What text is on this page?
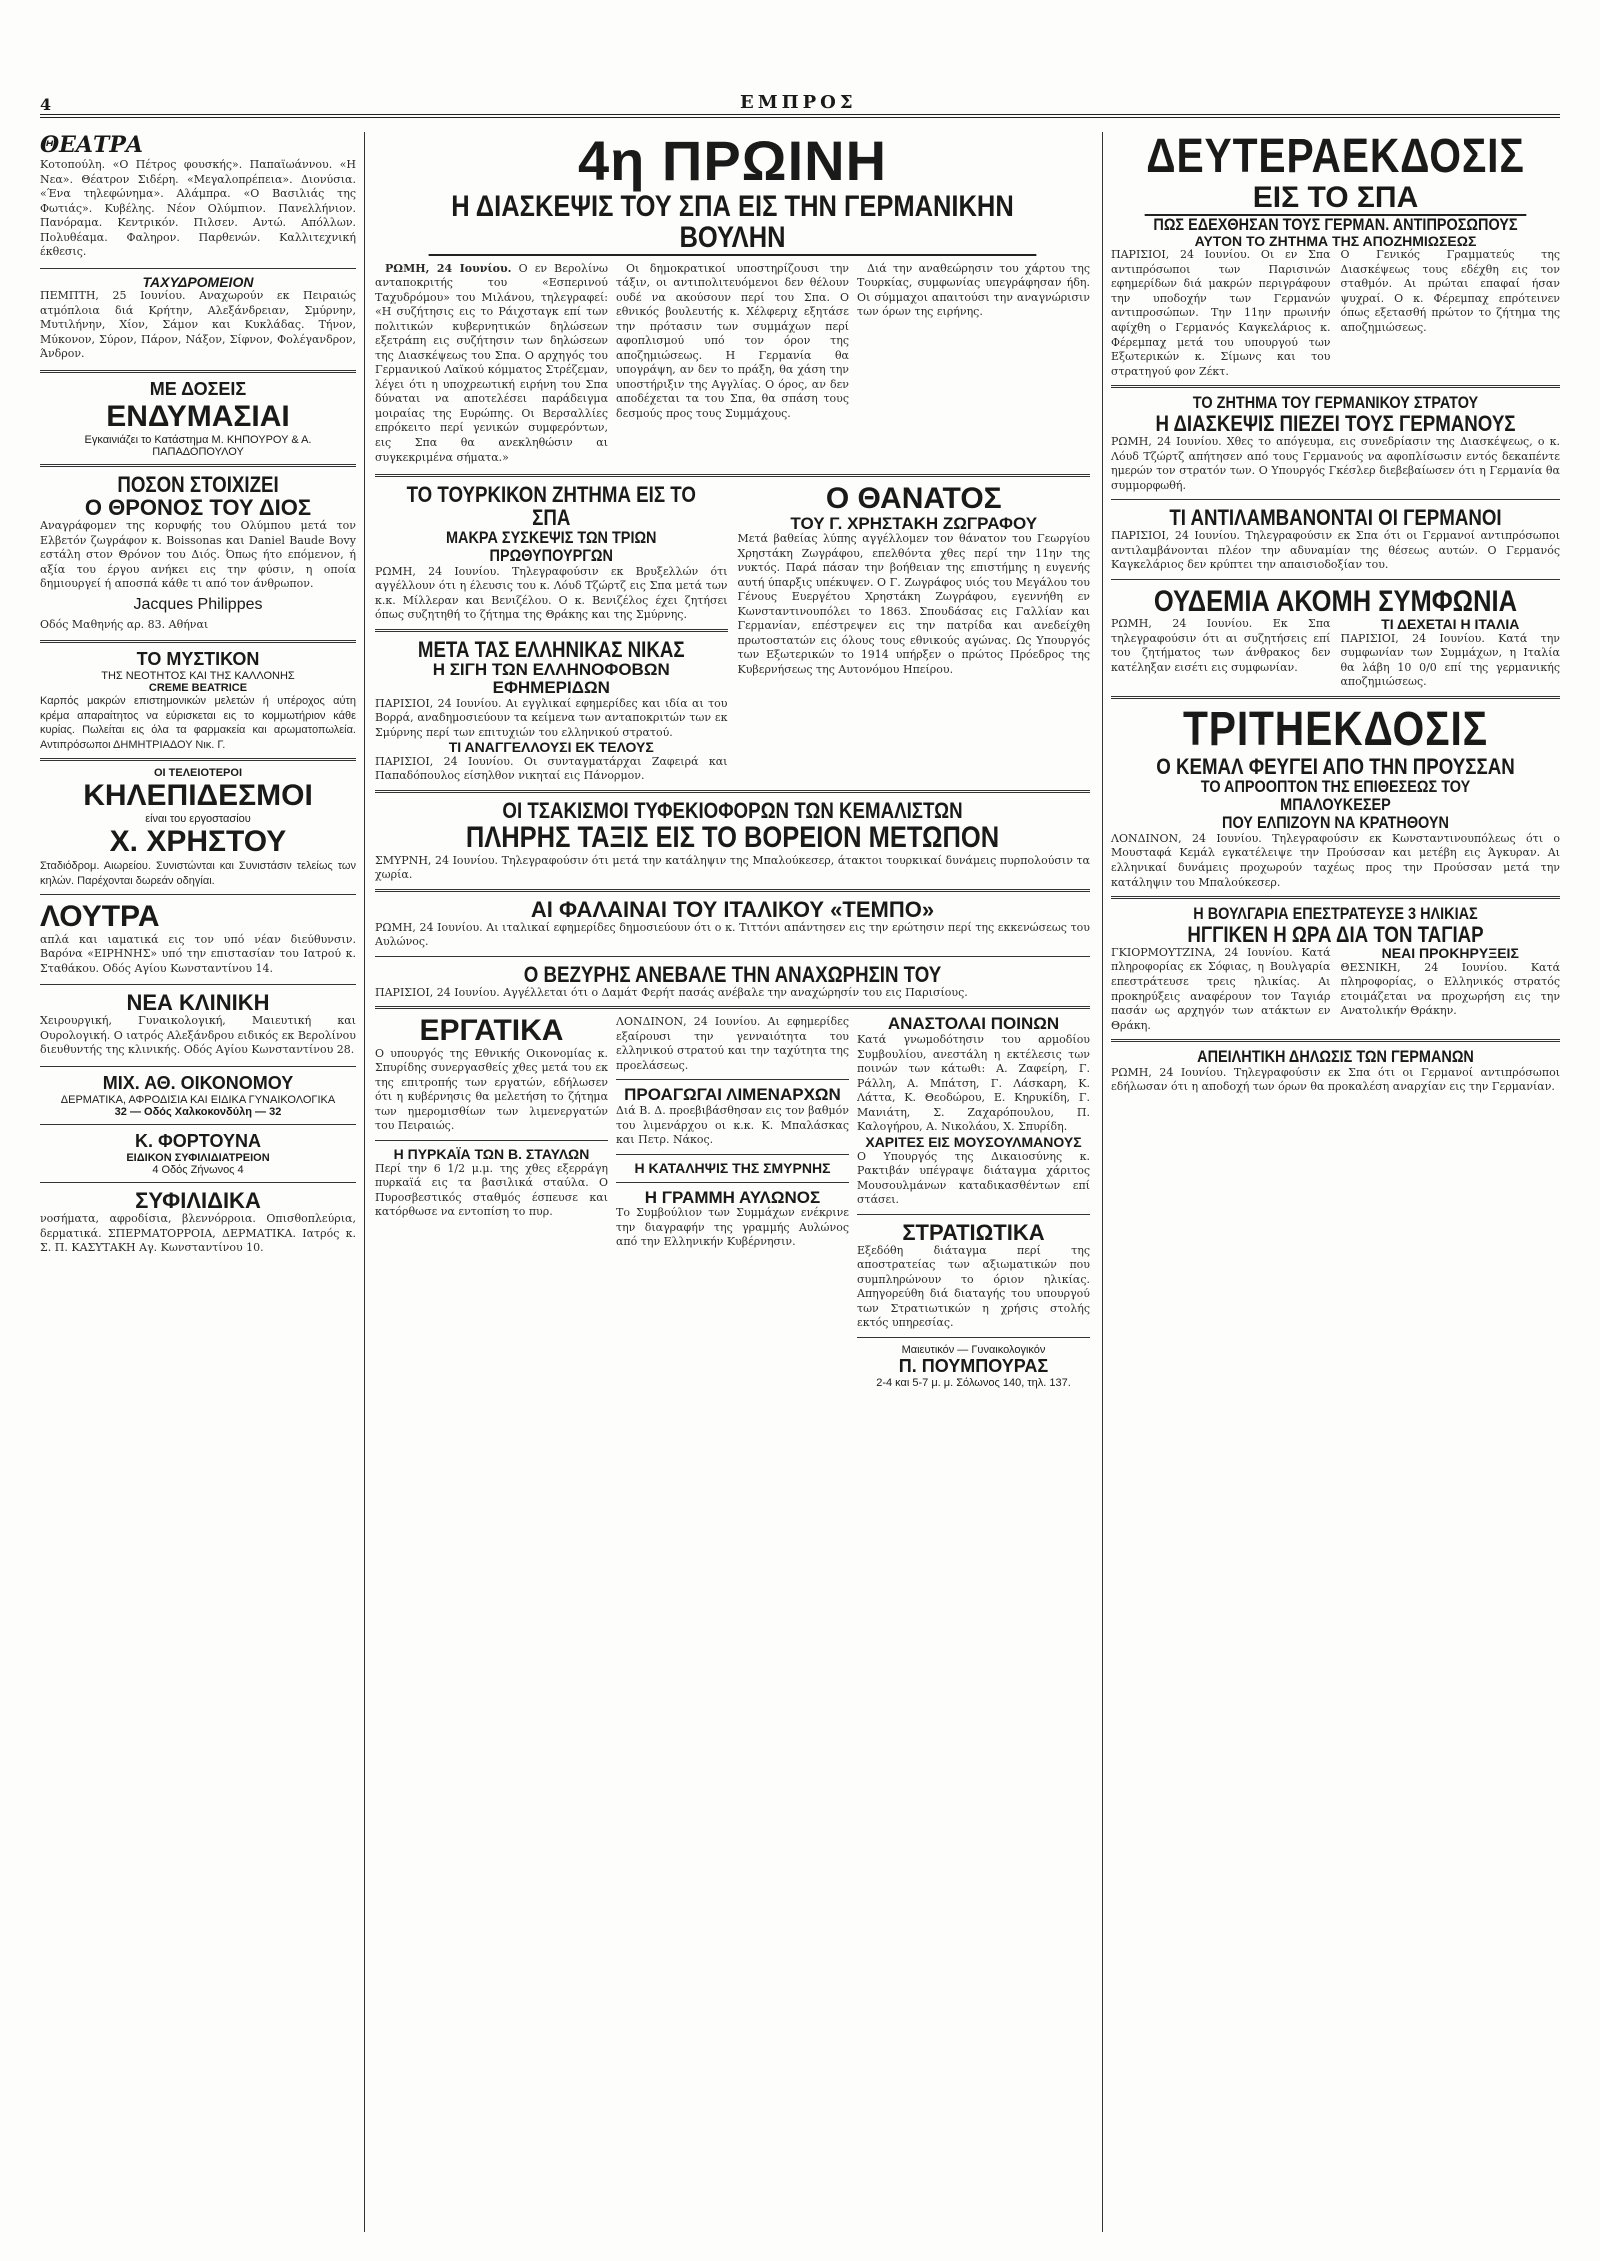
4	ΕΜΠΡΟΣ
ΘΕΑΤΡΑ
Κοτοπούλη. «Ο Πέτρος φουσκής». Παπαϊωάννου. «Η Νεα». Θέατρον Σιδέρη. «Μεγαλοπρέπεια». Διονύσια. «Ένα τηλεφώνημα». Αλάμπρα. «Ο Βασιλιάς της Φωτιάς». Κυβέλης. Νέον Ολύμπιον. Πανελλήνιον. Πανόραμα. Κεντρικόν. Πιλσεν. Αντώ. Απόλλων. Πολυθέαμα. Φαληρον. Παρθενών. Καλλιτεχνική έκθεσις.
ΤΑΧΥΔΡΟΜΕΙΟΝ
ΠΕΜΠΤΗ, 25 Ιουνίου. Αναχωρούν εκ Πειραιώς ατμόπλοια διά Κρήτην, Αλεξάνδρειαν, Σμύρνην, Μυτιλήνην, Χίον, Σάμον και Κυκλάδας. Τήνον, Μύκονον, Σύρον, Πάρον, Νάξον, Σίφνον, Φολέγανδρον, Άνδρον.
ΜΕ ΔΟΣΕΙΣ
ΕΝΔΥΜΑΣΙΑΙ
Εγκαινιάζει το Κατάστημα Μ. ΚΗΠΟΥΡΟΥ & Α. ΠΑΠΑΔΟΠΟΥΛΟΥ
ΠΟΣΟΝ ΣΤΟΙΧΙΖΕΙ
Ο ΘΡΟΝΟΣ ΤΟΥ ΔΙΟΣ
Αναγράφομεν της κορυφής του Ολύμπου μετά τον Ελβετόν ζωγράφον κ. Boissonas και Daniel Baude Bovy εστάλη στον Θρόνον του Διός. Όπως ήτο επόμενον, ή αξία του έργου ανήκει εις την φύσιν, η οποία δημιουργεί ή αποσπά κάθε τι από τον άνθρωπον.
Jacques Philippes
Οδός Μαθηνής αρ. 83. Αθήναι
ΤΟ ΜΥΣΤΙΚΟΝ
ΤΗΣ ΝΕΟΤΗΤΟΣ ΚΑΙ ΤΗΣ ΚΑΛΛΟΝΗΣ
CREME BEATRICE
Καρπός μακρών επιστημονικών μελετών ή υπέροχος αύτη κρέμα απαραίτητος να εύρισκεται εις το κομμωτήριον κάθε κυρίας. Πωλείται εις όλα τα φαρμακεία και αρωματοπωλεία. Αντιπρόσωποι ΔΗΜΗΤΡΙΑΔΟΥ Νικ. Γ.
ΟΙ ΤΕΛΕΙΟΤΕΡΟΙ
ΚΗΛΕΠΙΔΕΣΜΟΙ
είναι του εργοστασίου
Χ. ΧΡΗΣΤΟΥ
Σταδιόδρομ. Αιωρείου. Συνιστώνται και Συνιστάσιν τελείως των κηλών. Παρέχονται δωρεάν οδηγίαι.
ΛΟΥΤΡΑ
απλά και ιαματικά εις τον υπό νέαν διεύθυνσιν. Βαρόνα «ΕΙΡΗΝΗΣ» υπό την επιστασίαν του Ιατρού κ. Σταθάκου. Οδός Αγίου Κωνσταντίνου 14.
ΝΕΑ ΚΛΙΝΙΚΗ
Χειρουργική, Γυναικολογική, Μαιευτική και Ουρολογική. Ο ιατρός Αλεξάνδρου ειδικός εκ Βερολίνου διευθυντής της κλινικής. Οδός Αγίου Κωνσταντίνου 28.
ΜΙΧ. ΑΘ. ΟΙΚΟΝΟΜΟΥ
ΔΕΡΜΑΤΙΚΑ, ΑΦΡΟΔΙΣΙΑ ΚΑΙ ΕΙΔΙΚΑ ΓΥΝΑΙΚΟΛΟΓΙΚΑ
32 — Οδός Χαλκοκονδύλη — 32
Κ. ΦΟΡΤΟΥΝΑ
ΕΙΔΙΚΟΝ ΣΥΦΙΛΙΔΙΑΤΡΕΙΟΝ
4 Οδός Ζήνωνος 4
ΣΥΦΙΛΙΔΙΚΑ
νοσήματα, αφροδίσια, βλεννόρροια. Οπισθοπλεύρια, δερματικά. ΣΠΕΡΜΑΤΟΡΡΟΙΑ, ΔΕΡΜΑΤΙΚΑ. Ιατρός κ. Σ. Π. ΚΑΣΥΤΑΚΗ Αγ. Κωνσταντίνου 10.
4η ΠΡΩΙΝΗ
Η ΔΙΑΣΚΕΨΙΣ ΤΟΥ ΣΠΑ ΕΙΣ ΤΗΝ ΓΕΡΜΑΝΙΚΗΝ ΒΟΥΛΗΝ

ΡΩΜΗ, 24 Ιουνίου. Ο εν Βερολίνω ανταποκριτής του «Εσπερινού Ταχυδρόμου» του Μιλάνου, τηλεγραφεί: «Η συζήτησις εις το Ράιχσταγκ επί των πολιτικών κυβερνητικών δηλώσεων εξετράπη εις συζήτησιν των δηλώσεων της Διασκέψεως του Σπα. Ο αρχηγός του Γερμανικού Λαϊκού κόμματος Στρέζεμαν, λέγει ότι η υποχρεωτική ειρήνη του Σπα δύναται να αποτελέσει παράδειγμα μοιραίας της Ευρώπης. Οι Βερσαλλίες επρόκειτο περί γενικών συμφερόντων, εις Σπα θα ανεκληθώσιν αι συγκεκριμένα σήματα.»

Οι δημοκρατικοί υποστηρίζουσι την τάξιν, οι αντιπολιτευόμενοι δεν θέλουν ουδέ να ακούσουν περί του Σπα. Ο εθνικός βουλευτής κ. Χέλφεριχ εξητάσε την πρότασιν των συμμάχων περί αφοπλισμού υπό τον όρον της αποζημιώσεως. Η Γερμανία θα υπογράψη, αν δεν το πράξη, θα χάση την υποστήριξιν της Αγγλίας. Ο όρος, αν δεν αποδέχεται τα του Σπα, θα σπάση τους δεσμούς προς τους Συμμάχους.

Διά την αναθεώρησιν του χάρτου της Τουρκίας, συμφωνίας υπεγράφησαν ήδη. Οι σύμμαχοι απαιτούσι την αναγνώρισιν των όρων της ειρήνης.

ΤΟ ΤΟΥΡΚΙΚΟΝ ΖΗΤΗΜΑ ΕΙΣ ΤΟ ΣΠΑ
ΜΑΚΡΑ ΣΥΣΚΕΨΙΣ ΤΩΝ ΤΡΙΩΝ ΠΡΩΘΥΠΟΥΡΓΩΝ
ΡΩΜΗ, 24 Ιουνίου. Τηλεγραφούσιν εκ Βρυξελλών ότι αγγέλλουν ότι η έλευσις του κ. Λόυδ Τζώρτζ εις Σπα μετά των κ.κ. Μίλλεραν και Βενιζέλου. Ο κ. Βενιζέλος έχει ζητήσει όπως συζητηθή το ζήτημα της Θράκης και της Σμύρνης.
ΜΕΤΑ ΤΑΣ ΕΛΛΗΝΙΚΑΣ ΝΙΚΑΣ
Η ΣΙΓΗ ΤΩΝ ΕΛΛΗΝΟΦΟΒΩΝ ΕΦΗΜΕΡΙΔΩΝ
ΠΑΡΙΣΙΟΙ, 24 Ιουνίου. Αι εγγλικαί εφημερίδες και ιδία αι του Βορρά, αναδημοσιεύουν τα κείμενα των ανταποκριτών των εκ Σμύρνης περί των επιτυχιών του ελληνικού στρατού.
ΤΙ ΑΝΑΓΓΕΛΛΟΥΣΙ ΕΚ ΤΕΛΟΥΣ
ΠΑΡΙΣΙΟΙ, 24 Ιουνίου. Οι συνταγματάρχαι Ζαφειρά και Παπαδόπουλος είσηλθον νικηταί εις Πάνορμον.
Ο ΘΑΝΑΤΟΣ
ΤΟΥ Γ. ΧΡΗΣΤΑΚΗ ΖΩΓΡΑΦΟΥ
Μετά βαθείας λύπης αγγέλλομεν τον θάνατον του Γεωργίου Χρηστάκη Ζωγράφου, επελθόντα χθες περί την 11ην της νυκτός. Παρά πάσαν την βοήθειαν της επιστήμης η ευγενής αυτή ύπαρξις υπέκυψεν. Ο Γ. Ζωγράφος υιός του Μεγάλου του Γένους Ευεργέτου Χρηστάκη Ζωγράφου, εγεννήθη εν Κωνσταντινουπόλει το 1863. Σπουδάσας εις Γαλλίαν και Γερμανίαν, επέστρεψεν εις την πατρίδα και ανεδείχθη πρωτοστατών εις όλους τους εθνικούς αγώνας. Ως Υπουργός των Εξωτερικών το 1914 υπήρξεν ο πρώτος Πρόεδρος της Κυβερνήσεως της Αυτονόμου Ηπείρου.
ΟΙ ΤΣΑΚΙΣΜΟΙ ΤΥΦΕΚΙΟΦΟΡΩΝ ΤΩΝ ΚΕΜΑΛΙΣΤΩΝ
ΠΛΗΡΗΣ ΤΑΞΙΣ ΕΙΣ ΤΟ ΒΟΡΕΙΟΝ ΜΕΤΩΠΟΝ
ΣΜΥΡΝΗ, 24 Ιουνίου. Τηλεγραφούσιν ότι μετά την κατάληψιν της Μπαλούκεσερ, άτακτοι τουρκικαί δυνάμεις πυρπολούσιν τα χωρία.
ΑΙ ΦΑΛΑΙΝΑΙ ΤΟΥ ΙΤΑΛΙΚΟΥ «ΤΕΜΠΟ»
ΡΩΜΗ, 24 Ιουνίου. Αι ιταλικαί εφημερίδες δημοσιεύουν ότι ο κ. Τιττόνι απάντησεν εις την ερώτησιν περί της εκκενώσεως του Αυλώνος.
Ο ΒΕΖΥΡΗΣ ΑΝΕΒΑΛΕ ΤΗΝ ΑΝΑΧΩΡΗΣΙΝ ΤΟΥ
ΠΑΡΙΣΙΟΙ, 24 Ιουνίου. Αγγέλλεται ότι ο Δαμάτ Φερήτ πασάς ανέβαλε την αναχώρησίν του εις Παρισίους.
ΕΡΓΑΤΙΚΑ
Ο υπουργός της Εθνικής Οικονομίας κ. Σπυρίδης συνεργασθείς χθες μετά του εκ της επιτροπής των εργατών, εδήλωσεν ότι η κυβέρνησις θα μελετήση το ζήτημα των ημερομισθίων των λιμενεργατών του Πειραιώς.
Η ΠΥΡΚΑΪΑ ΤΩΝ Β. ΣΤΑΥΛΩΝ
Περί την 6 1/2 μ.μ. της χθες εξερράγη πυρκαϊά εις τα βασιλικά σταύλα. Ο Πυροσβεστικός σταθμός έσπευσε και κατόρθωσε να εντοπίση το πυρ.
ΛΟΝΔΙΝΟΝ, 24 Ιουνίου. Αι εφημερίδες εξαίρουσι την γενναιότητα του ελληνικού στρατού και την ταχύτητα της προελάσεως.
ΠΡΟΑΓΩΓΑΙ ΛΙΜΕΝΑΡΧΩΝ
Διά Β. Δ. προεβιβάσθησαν εις τον βαθμόν του λιμενάρχου οι κ.κ. Κ. Μπαλάσκας και Πετρ. Νάκος.
Η ΚΑΤΑΛΗΨΙΣ ΤΗΣ ΣΜΥΡΝΗΣ
Η ΓΡΑΜΜΗ ΑΥΛΩΝΟΣ
Το Συμβούλιον των Συμμάχων ενέκρινε την διαγραφήν της γραμμής Αυλώνος από την Ελληνικήν Κυβέρνησιν.
ΑΝΑΣΤΟΛΑΙ ΠΟΙΝΩΝ
Κατά γνωμοδότησιν του αρμοδίου Συμβουλίου, ανεστάλη η εκτέλεσις των ποινών των κάτωθι: Α. Ζαφείρη, Γ. Ράλλη, Α. Μπάτση, Γ. Λάσκαρη, Κ. Λάττα, Κ. Θεοδώρου, Ε. Κηρυκίδη, Γ. Μανιάτη, Σ. Ζαχαρόπουλου, Π. Καλογήρου, Α. Νικολάου, Χ. Σπυρίδη.
ΧΑΡΙΤΕΣ ΕΙΣ ΜΟΥΣΟΥΛΜΑΝΟΥΣ
Ο Υπουργός της Δικαιοσύνης κ. Ρακτιβάν υπέγραψε διάταγμα χάριτος Μουσουλμάνων καταδικασθέντων επί στάσει.
ΣΤΡΑΤΙΩΤΙΚΑ
Εξεδόθη διάταγμα περί της αποστρατείας των αξιωματικών που συμπληρώνουν το όριον ηλικίας. Απηγορεύθη διά διαταγής του υπουργού των Στρατιωτικών η χρήσις στολής εκτός υπηρεσίας.
Μαιευτικόν — Γυναικολογικόν
Π. ΠΟΥΜΠΟΥΡΑΣ
2-4 και 5-7 μ. μ. Σόλωνος 140, τηλ. 137.
ΔΕΥΤΕΡΑΕΚΔΟΣΙΣ
ΕΙΣ ΤΟ ΣΠΑ
ΠΩΣ ΕΔΕΧΘΗΣΑΝ ΤΟΥΣ ΓΕΡΜΑΝ. ΑΝΤΙΠΡΟΣΩΠΟΥΣ
ΑΥΤΟΝ ΤΟ ΖΗΤΗΜΑ ΤΗΣ ΑΠΟΖΗΜΙΩΣΕΩΣ
ΠΑΡΙΣΙΟΙ, 24 Ιουνίου. Οι εν Σπα αντιπρόσωποι των Παρισινών εφημερίδων διά μακρών περιγράφουν την υποδοχήν των Γερμανών αντιπροσώπων. Την 11ην πρωινήν αφίχθη ο Γερμανός Καγκελάριος κ. Φέρεμπαχ μετά του υπουργού των Εξωτερικών κ. Σίμωνς και του στρατηγού φον Ζέκτ.
Ο Γενικός Γραμματεύς της Διασκέψεως τους εδέχθη εις τον σταθμόν. Αι πρώται επαφαί ήσαν ψυχραί. Ο κ. Φέρεμπαχ επρότεινεν όπως εξετασθή πρώτον το ζήτημα της αποζημιώσεως.
ΤΟ ΖΗΤΗΜΑ ΤΟΥ ΓΕΡΜΑΝΙΚΟΥ ΣΤΡΑΤΟΥ
Η ΔΙΑΣΚΕΨΙΣ ΠΙΕΖΕΙ ΤΟΥΣ ΓΕΡΜΑΝΟΥΣ
ΡΩΜΗ, 24 Ιουνίου. Χθες το απόγευμα, εις συνεδρίασιν της Διασκέψεως, ο κ. Λόυδ Τζώρτζ απήτησεν από τους Γερμανούς να αφοπλίσωσιν εντός δεκαπέντε ημερών τον στρατόν των. Ο Υπουργός Γκέσλερ διεβεβαίωσεν ότι η Γερμανία θα συμμορφωθή.
ΤΙ ΑΝΤΙΛΑΜΒΑΝΟΝΤΑΙ ΟΙ ΓΕΡΜΑΝΟΙ
ΠΑΡΙΣΙΟΙ, 24 Ιουνίου. Τηλεγραφούσιν εκ Σπα ότι οι Γερμανοί αντιπρόσωποι αντιλαμβάνονται πλέον την αδυναμίαν της θέσεως αυτών. Ο Γερμανός Καγκελάριος δεν κρύπτει την απαισιοδοξίαν του.
ΟΥΔΕΜΙΑ ΑΚΟΜΗ ΣΥΜΦΩΝΙΑ
ΡΩΜΗ, 24 Ιουνίου. Εκ Σπα τηλεγραφούσιν ότι αι συζητήσεις επί του ζητήματος των άνθρακος δεν κατέληξαν εισέτι εις συμφωνίαν.
ΤΙ ΔΕΧΕΤΑΙ Η ΙΤΑΛΙΑ
ΠΑΡΙΣΙΟΙ, 24 Ιουνίου. Κατά την συμφωνίαν των Συμμάχων, η Ιταλία θα λάβη 10 0/0 επί της γερμανικής αποζημιώσεως.
ΤΡΙΤΗΕΚΔΟΣΙΣ
Ο ΚΕΜΑΛ ΦΕΥΓΕΙ ΑΠΟ ΤΗΝ ΠΡΟΥΣΣΑΝ
ΤΟ ΑΠΡΟΟΠΤΟΝ ΤΗΣ ΕΠΙΘΕΣΕΩΣ ΤΟΥ ΜΠΑΛΟΥΚΕΣΕΡ
ΠΟΥ ΕΛΠΙΖΟΥΝ ΝΑ ΚΡΑΤΗΘΟΥΝ
ΛΟΝΔΙΝΟΝ, 24 Ιουνίου. Τηλεγραφούσιν εκ Κωνσταντινουπόλεως ότι ο Μουσταφά Κεμάλ εγκατέλειψε την Προύσσαν και μετέβη εις Άγκυραν. Αι ελληνικαί δυνάμεις προχωρούν ταχέως προς την Προύσσαν μετά την κατάληψιν του Μπαλούκεσερ.
Η ΒΟΥΛΓΑΡΙΑ ΕΠΕΣΤΡΑΤΕΥΣΕ 3 ΗΛΙΚΙΑΣ
ΗΓΓΙΚΕΝ Η ΩΡΑ ΔΙΑ ΤΟΝ ΤΑΓΙΑΡ
ΓΚΙΟΡΜΟΥΤΖΙΝΑ, 24 Ιουνίου. Κατά πληροφορίας εκ Σόφιας, η Βουλγαρία επεστράτευσε τρεις ηλικίας. Αι προκηρύξεις αναφέρουν τον Ταγιάρ πασάν ως αρχηγόν των ατάκτων εν Θράκη.
ΝΕΑΙ ΠΡΟΚΗΡΥΞΕΙΣ
ΘΕΣΝΙΚΗ, 24 Ιουνίου. Κατά πληροφορίας, ο Ελληνικός στρατός ετοιμάζεται να προχωρήση εις την Ανατολικήν Θράκην.
ΑΠΕΙΛΗΤΙΚΗ ΔΗΛΩΣΙΣ ΤΩΝ ΓΕΡΜΑΝΩΝ
ΡΩΜΗ, 24 Ιουνίου. Τηλεγραφούσιν εκ Σπα ότι οι Γερμανοί αντιπρόσωποι εδήλωσαν ότι η αποδοχή των όρων θα προκαλέση αναρχίαν εις την Γερμανίαν.
